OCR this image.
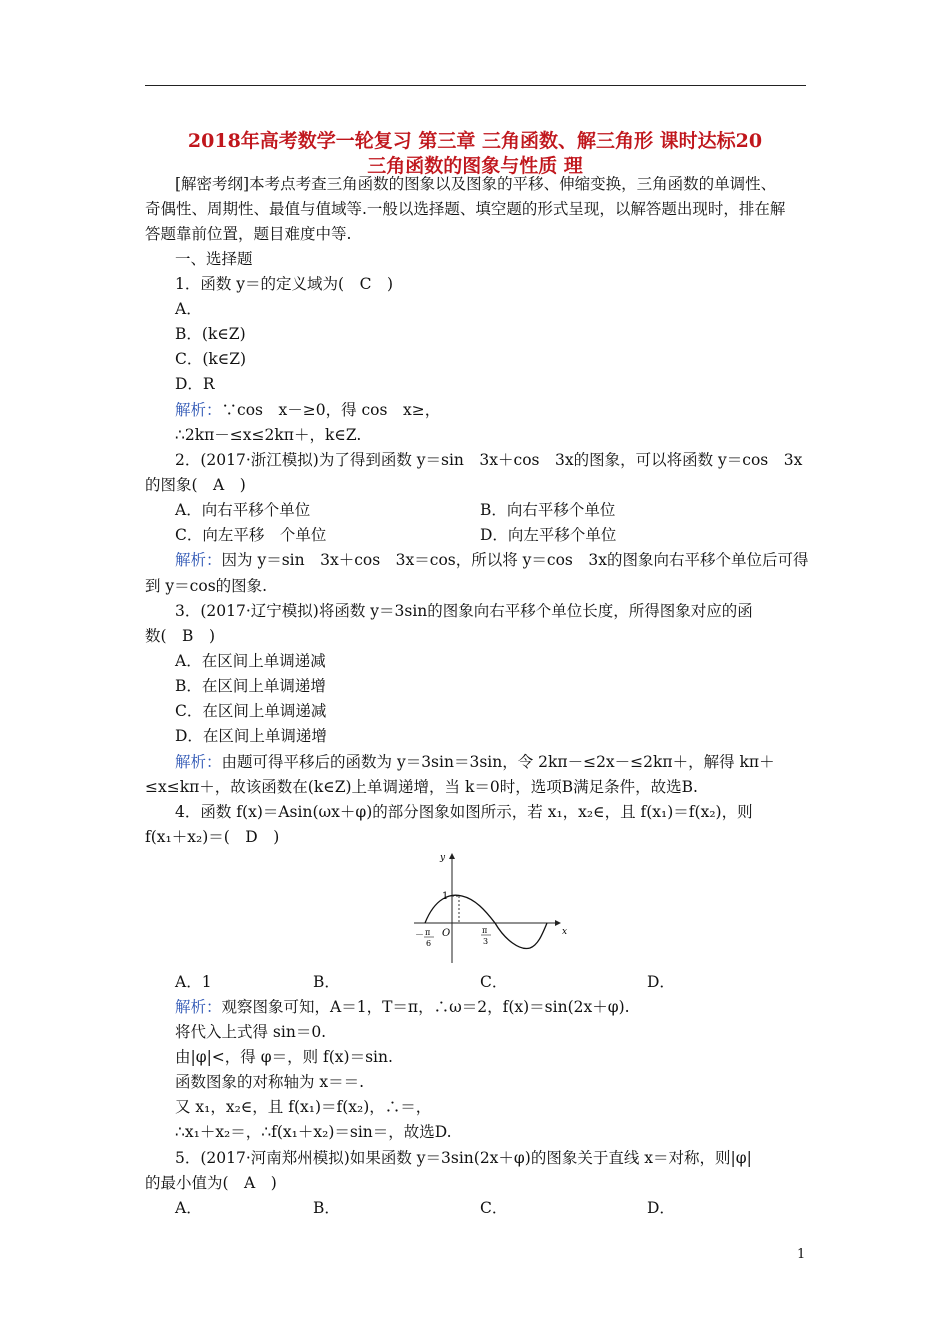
2018年高考数学一轮复习 第三章 三角函数、解三角形 课时达标20
三角函数的图象与性质 理
[解密考纲]本考点考查三角函数的图象以及图象的平移、伸缩变换，三角函数的单调性、
奇偶性、周期性、最值与值域等.一般以选择题、填空题的形式呈现，以解答题出现时，排在解
答题靠前位置，题目难度中等.
一、选择题
1．函数 y＝的定义域为(　C　)
A．
B．(k∈Z)
C．(k∈Z)
D．R
解析：∵cos　x－≥0，得 cos　x≥，
∴2kπ－≤x≤2kπ＋，k∈Z.
2．(2017·浙江模拟)为了得到函数 y＝sin　3x＋cos　3x的图象，可以将函数 y＝cos　3x
的图象(　A　)
A．向右平移个单位	B．向右平移个单位
C．向左平移　个单位	D．向左平移个单位
解析：因为 y＝sin　3x＋cos　3x＝cos，所以将 y＝cos　3x的图象向右平移个单位后可得
到 y＝cos的图象.
3．(2017·辽宁模拟)将函数 y＝3sin的图象向右平移个单位长度，所得图象对应的函
数(　B　)
A．在区间上单调递减
B．在区间上单调递增
C．在区间上单调递减
D．在区间上单调递增
解析：由题可得平移后的函数为 y＝3sin＝3sin，令 2kπ－≤2x－≤2kπ＋，解得 kπ＋
≤x≤kπ＋，故该函数在(k∈Z)上单调递增，当 k＝0时，选项B满足条件，故选B.
4．函数 f(x)＝Asin(ωx＋φ)的部分图象如图所示，若 x₁，x₂∈，且 f(x₁)＝f(x₂)，则
f(x₁＋x₂)＝(　D　)
y
x
O
1
－ π
6
π
3
A．1	B．	C．	D．
解析：观察图象可知，A＝1，T＝π，∴ω＝2，f(x)＝sin(2x＋φ).
将代入上式得 sin＝0.
由|φ|<，得 φ＝，则 f(x)＝sin.
函数图象的对称轴为 x＝＝.
又 x₁，x₂∈，且 f(x₁)＝f(x₂)，∴＝，
∴x₁＋x₂＝，∴f(x₁＋x₂)＝sin＝，故选D.
5．(2017·河南郑州模拟)如果函数 y＝3sin(2x＋φ)的图象关于直线 x＝对称，则|φ|
的最小值为(　A　)
A．	B．	C．	D．
1
